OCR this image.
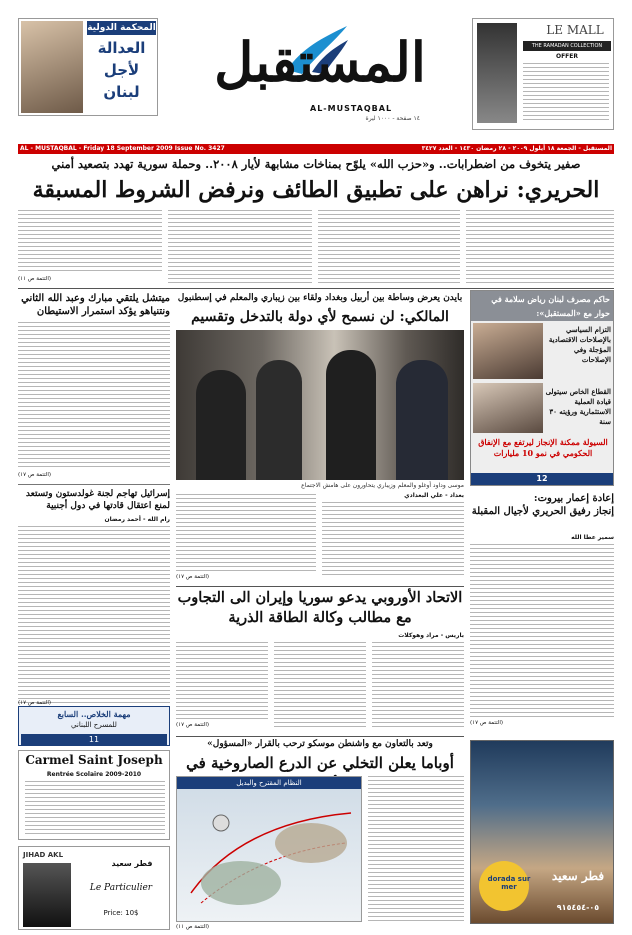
المحكمة الدولية
العدالة
لأجل
لبنان	المستقبل
AL-MUSTAQBAL
١٤ صفحة - ١٠٠٠ ليرة
LE MALL
THE RAMADAN COLLECTION
OFFER
AL - MUSTAQBAL - Friday 18 September 2009 Issue No. 3427	المستقبل - الجمعة ١٨ أيلول ٢٠٠٩ - ٢٨ رمضان ١٤٣٠ - العدد ٣٤٢٧
صفير يتخوف من اضطرابات.. و«حزب الله» يلوّح بمناخات مشابهة لأيار ٢٠٠٨.. وحملة سورية تهدد بتصعيد أمني
الحريري: نراهن على تطبيق الطائف ونرفض الشروط المسبقة
(التتمة ص ١١)
ميتشل يلتقي مبارك وعبد الله الثاني ونتنياهو يؤكد استمرار الاستيطان
(التتمة ص ١٧)
إسرائيل تهاجم لجنة غولدستون وتستعد لمنع اعتقال قادتها في دول أجنبية
رام الله - أحمد رمضان
(التتمة ص ١٧)
بايدن يعرض وساطة بين أربيل وبغداد ولقاء بين زيباري والمعلم في إسطنبول
المالكي: لن نسمح لأي دولة بالتدخل وتقسيم
موسى وداود أوغلو والمعلم وزيباري يتحاورون على هامش الاجتماع
بغداد - علي البغدادي
(التتمة ص ١٧)
حاكم مصرف لبنان رياض سلامة في حوار مع «المستقبل»:
التزام السياسي بالإصلاحات الاقتصادية المؤجلة وفي الإصلاحات
القطاع الخاص سيتولى قيادة العملية الاستثمارية ورؤيته ٣٠ سنة
السيولة ممكنة الإنجاز ليرتفع مع الإنفاق الحكومي في نمو 10 مليارات
12
إعادة إعمار بيروت:
إنجاز رفيق الحريري لأجيال المقبلة
سمير عطا الله
(التتمة ص ١٧)
الاتحاد الأوروبي يدعو سوريا وإيران الى التجاوب مع مطالب وكالة الطاقة الذرية
باريس - مراد وهوكلات
(التتمة ص ١٧)
مهمة الخلاص.. السابع
للمسرح اللبناني
11
Carmel Saint Joseph
Rentrée Scolaire 2009-2010
JIHAD AKL
فطر سعيد
Le Particulier
Price: 10$
وتعد بالتعاون مع واشنطن موسكو ترحب بالقرار «المسؤول»
أوباما يعلن التخلي عن الدرع الصاروخية في
النظام المقترح والبديل
(التتمة ص ١١)
dorada sur mer
فطر سعيد
٠٥-٩١٥٤٥٤
